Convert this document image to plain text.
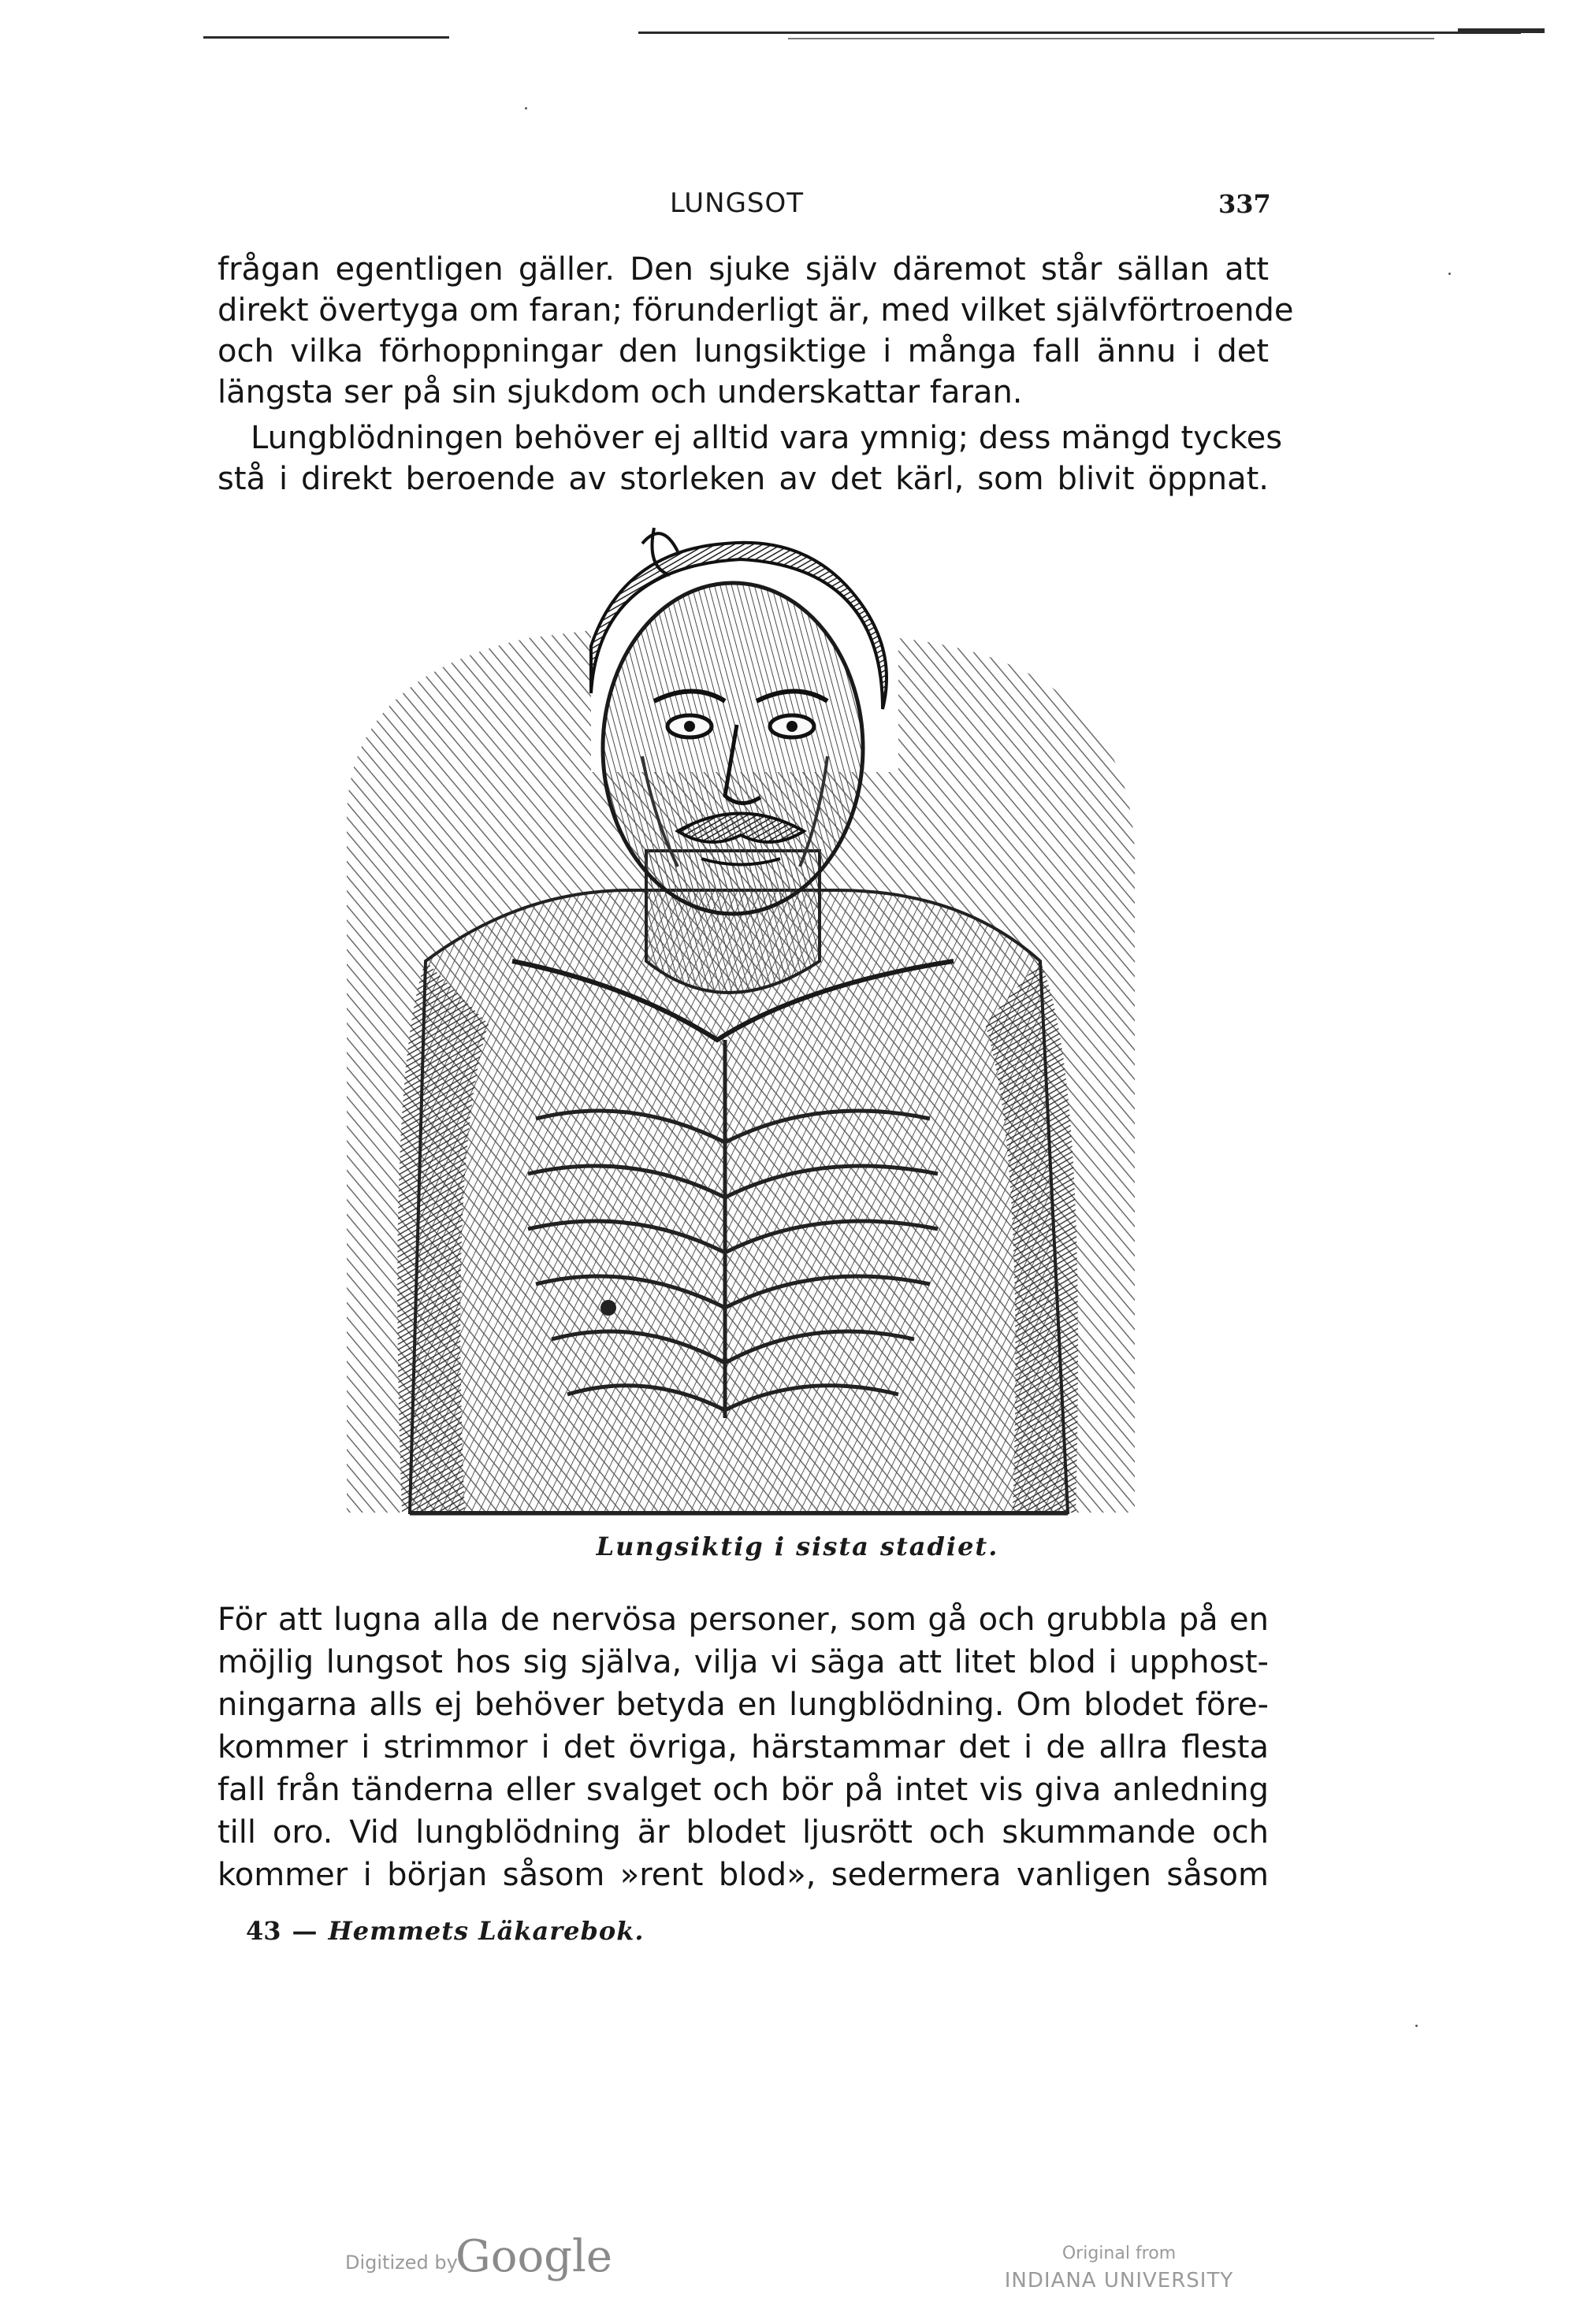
LUNGSOT	337
frågan egentligen gäller. Den sjuke själv däremot står sällan att
direkt övertyga om faran; förunderligt är, med vilket självförtroende
och vilka förhoppningar den lungsiktige i många fall ännu i det
längsta ser på sin sjukdom och underskattar faran.
Lungblödningen behöver ej alltid vara ymnig; dess mängd tyckes
stå i direkt beroende av storleken av det kärl, som blivit öppnat.
Lungsiktig i sista stadiet.
För att lugna alla de nervösa personer, som gå och grubbla på en
möjlig lungsot hos sig själva, vilja vi säga att litet blod i upphost-
ningarna alls ej behöver betyda en lungblödning. Om blodet före-
kommer i strimmor i det övriga, härstammar det i de allra flesta
fall från tänderna eller svalget och bör på intet vis giva anledning
till oro. Vid lungblödning är blodet ljusrött och skummande och
kommer i början såsom »rent blod», sedermera vanligen såsom
43 — Hemmets Läkarebok.
Digitized by
Google	Original from
INDIANA UNIVERSITY
